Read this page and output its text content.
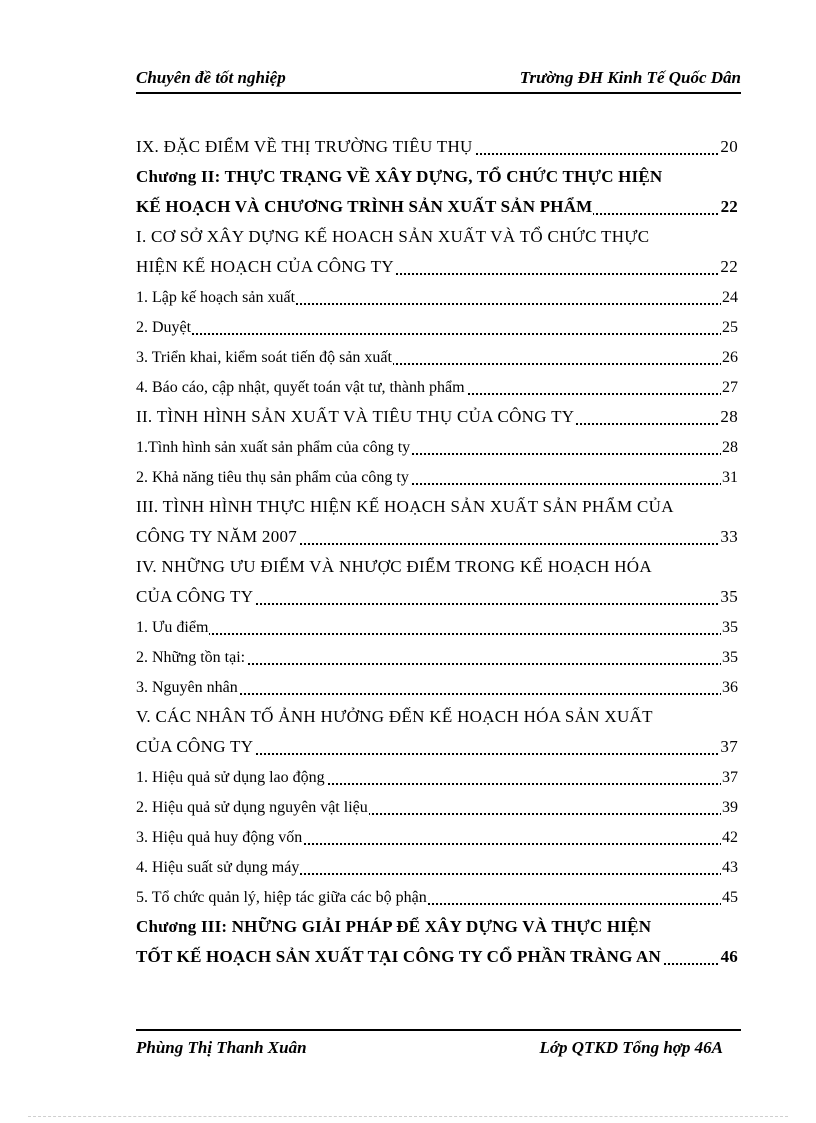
Chuyên đề tốt nghiệp	Trường ĐH Kinh Tế Quốc Dân
IX. ĐẶC ĐIỂM VỀ THỊ TRƯỜNG TIÊU THỤ	20
Chương II: THỰC TRẠNG VỀ XÂY DỰNG, TỔ CHỨC THỰC HIỆN
KẾ HOẠCH VÀ CHƯƠNG TRÌNH SẢN XUẤT SẢN PHẨM	22
I. CƠ SỞ XÂY DỰNG KẾ HOACH SẢN XUẤT VÀ TỔ CHỨC THỰC
HIỆN KẾ HOẠCH CỦA CÔNG TY	22
1. Lập kế hoạch sản xuất	24
2. Duyệt	25
3. Triển khai, kiểm soát tiến độ sản xuất	26
4. Báo cáo, cập nhật, quyết toán vật tư, thành phẩm	27
II. TÌNH HÌNH SẢN XUẤT VÀ TIÊU THỤ CỦA CÔNG TY	28
1.Tình hình sản xuất sản phẩm của công ty	28
2. Khả năng tiêu thụ sản phẩm của công ty	31
III. TÌNH HÌNH THỰC HIỆN KẾ HOẠCH SẢN XUẤT SẢN PHẨM CỦA
CÔNG TY NĂM 2007	33
IV. NHỮNG ƯU ĐIỂM VÀ NHƯỢC ĐIỂM TRONG KẾ HOẠCH HÓA
CỦA CÔNG TY	35
1. Ưu điểm	35
2. Những tồn tại:	35
3. Nguyên nhân	36
V. CÁC NHÂN TỐ ẢNH HƯỞNG ĐẾN KẾ HOẠCH HÓA SẢN XUẤT
CỦA CÔNG TY	37
1. Hiệu quả sử dụng lao động	37
2. Hiệu quả sử dụng nguyên vật liệu	39
3. Hiệu quả huy động vốn	42
4. Hiệu suất sử dụng máy	43
5. Tổ chức quản lý, hiệp tác giữa các bộ phận	45
Chương III: NHỮNG GIẢI PHÁP ĐỂ XÂY DỰNG VÀ THỰC HIỆN
TỐT KẾ HOẠCH SẢN XUẤT TẠI CÔNG TY CỔ PHẦN TRÀNG AN	46
Phùng Thị Thanh Xuân	Lớp QTKD Tổng hợp 46A
